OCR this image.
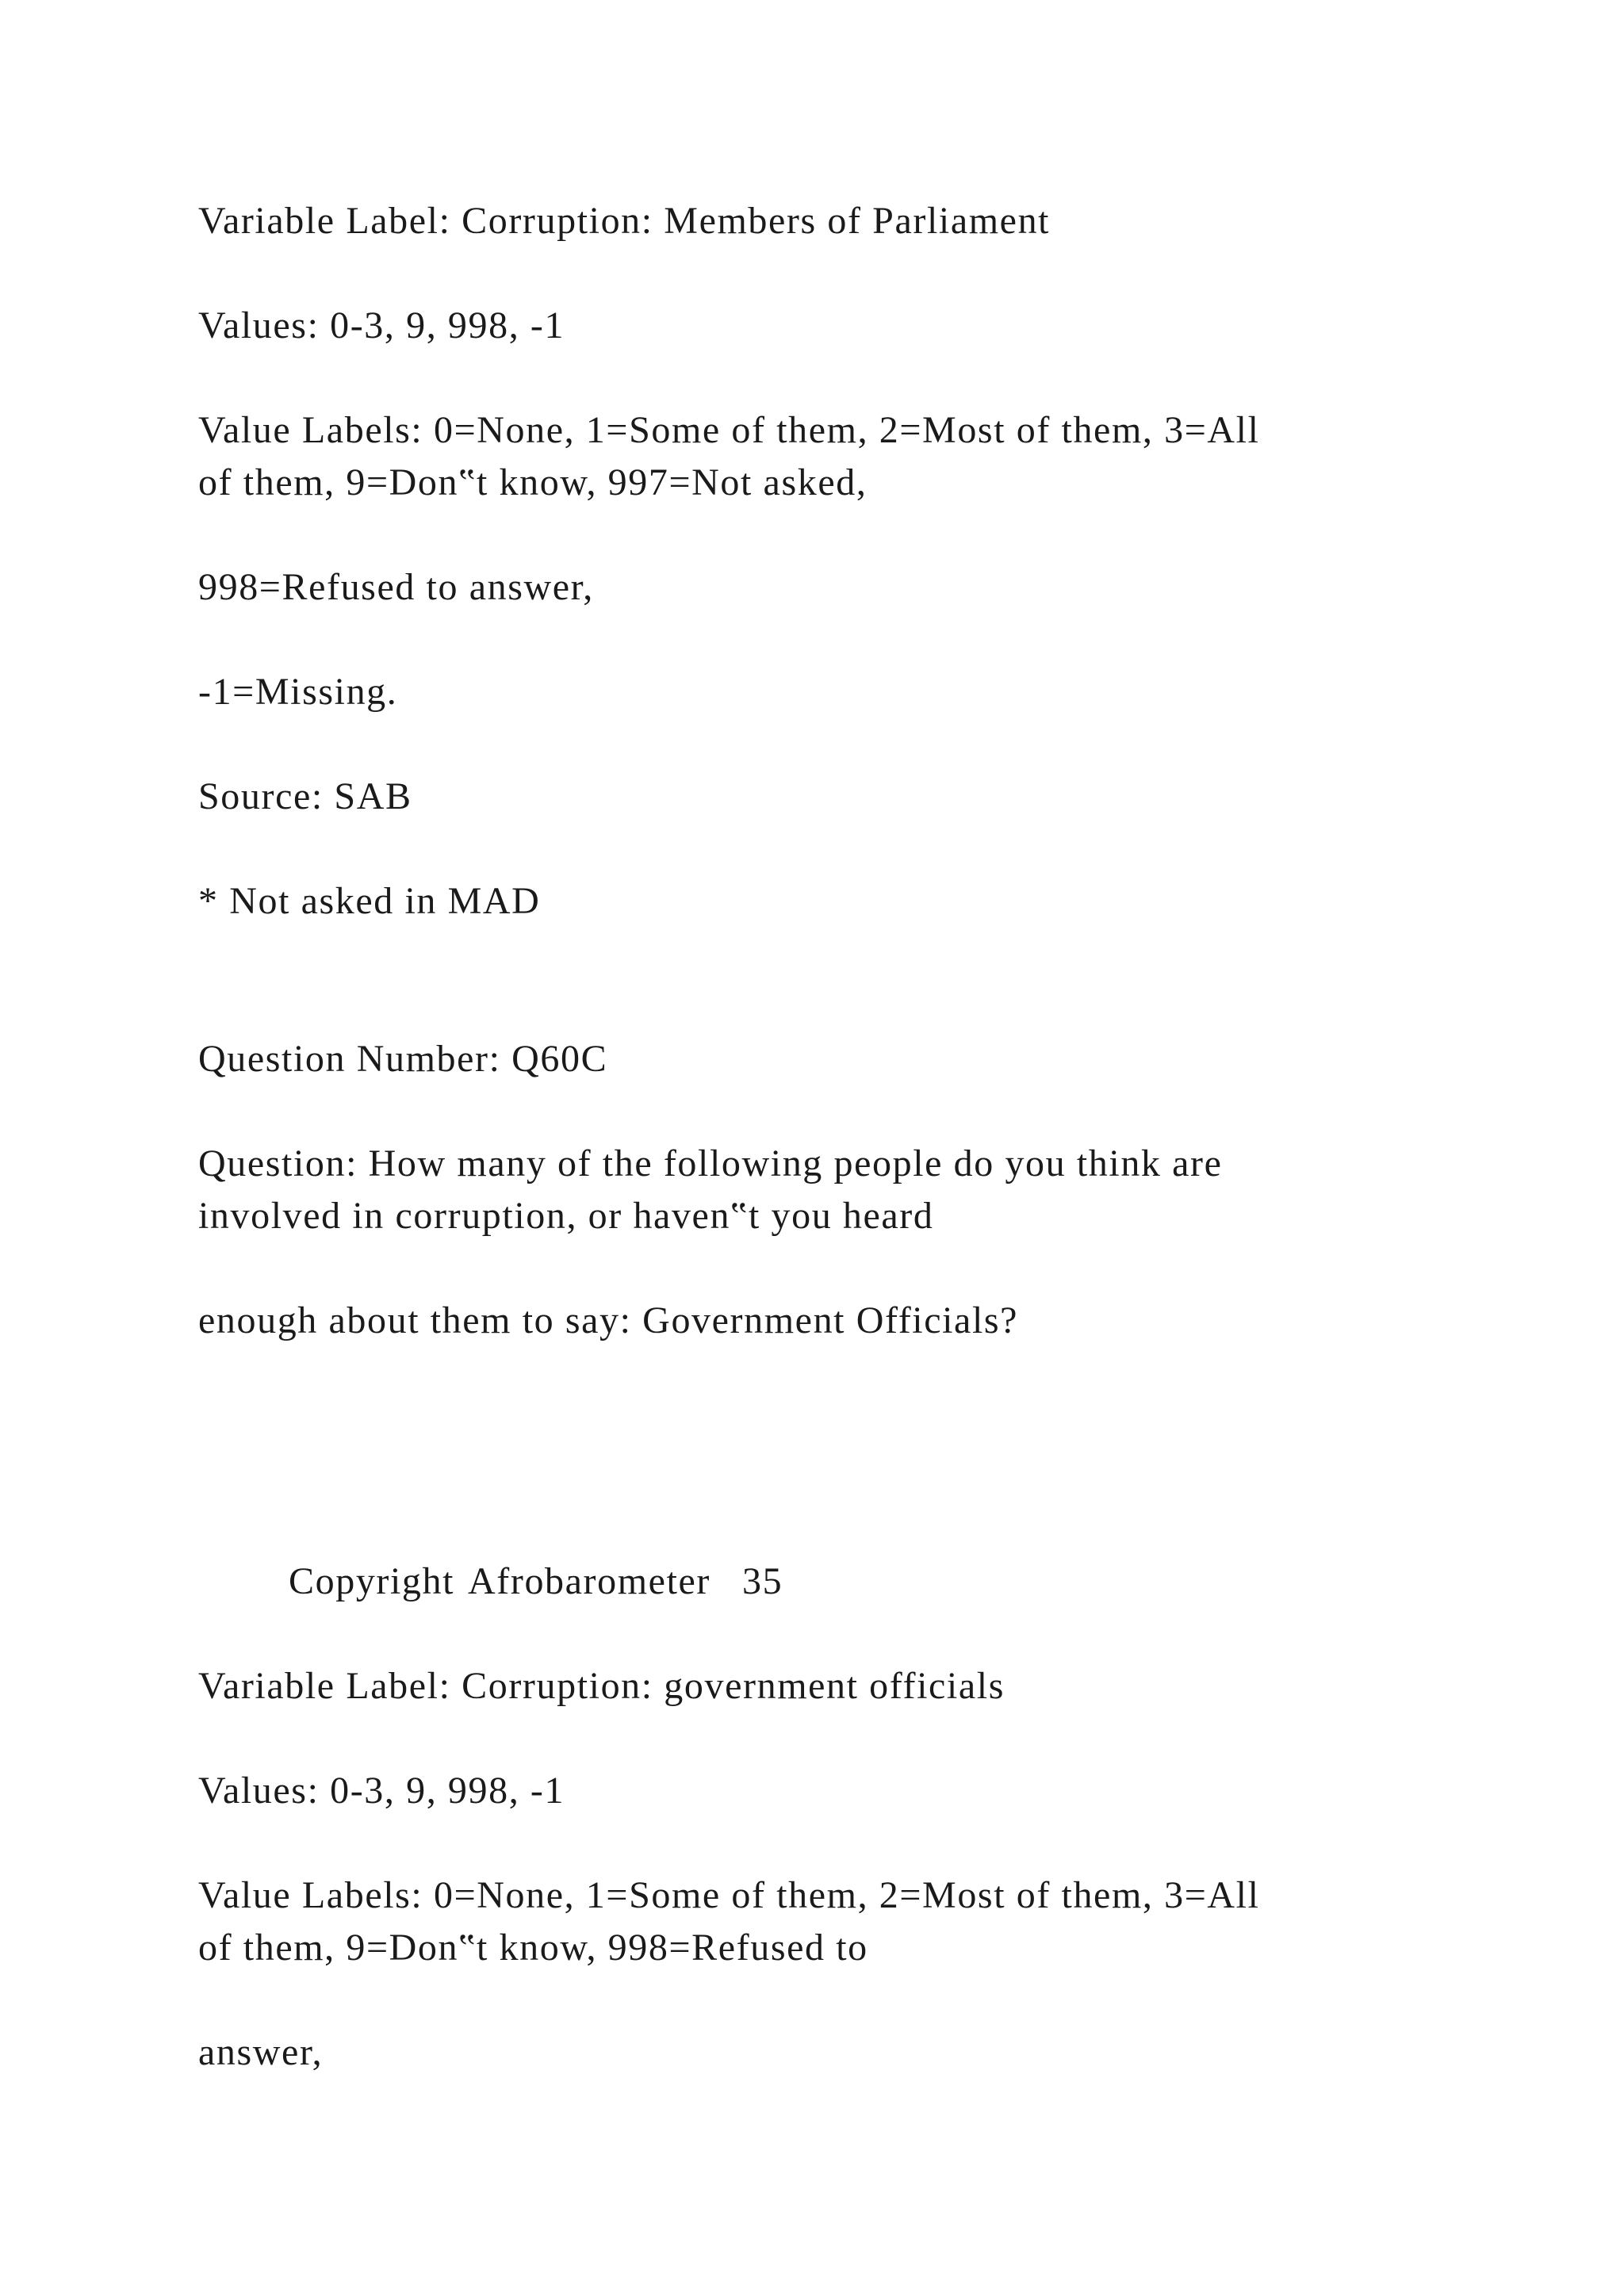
Variable Label: Corruption: Members of Parliament

Values: 0-3, 9, 998, -1

Value Labels: 0=None, 1=Some of them, 2=Most of them, 3=All

of them, 9=Don‟t know, 997=Not asked,

998=Refused to answer,

-1=Missing.

Source: SAB

* Not asked in MAD

Question Number: Q60C

Question: How many of the following people do you think are

involved in corruption, or haven‟t you heard

enough about them to say: Government Officials?

Copyright Afrobarometer 35

Variable Label: Corruption: government officials

Values: 0-3, 9, 998, -1

Value Labels: 0=None, 1=Some of them, 2=Most of them, 3=All

of them, 9=Don‟t know, 998=Refused to

answer,
